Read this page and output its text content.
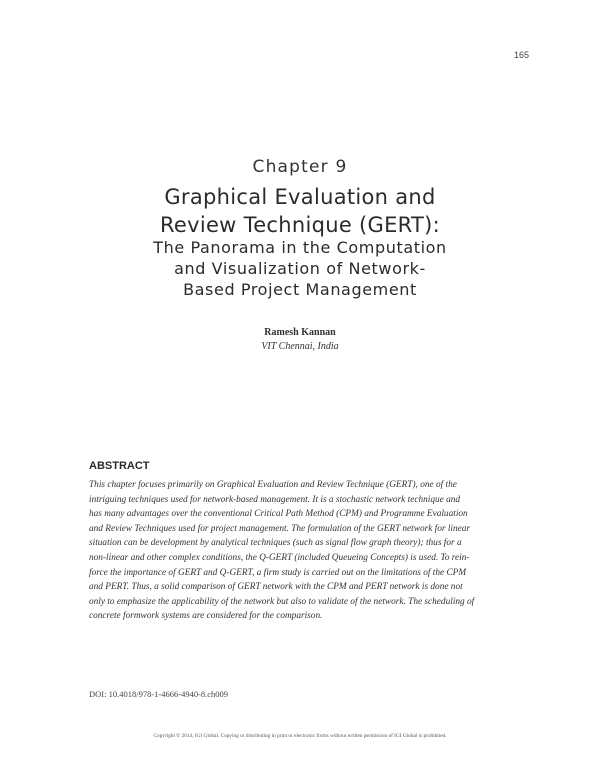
165
Chapter 9
Graphical Evaluation and
Review Technique (GERT):
The Panorama in the Computation
and Visualization of Network-
Based Project Management
Ramesh Kannan
VIT Chennai, India
ABSTRACT

This chapter focuses primarily on Graphical Evaluation and Review Technique (GERT), one of the
intriguing techniques used for network-based management. It is a stochastic network technique and
has many advantages over the conventional Critical Path Method (CPM) and Programme Evaluation
and Review Techniques used for project management. The formulation of the GERT network for linear
situation can be development by analytical techniques (such as signal flow graph theory); thus for a
non-linear and other complex conditions, the Q-GERT (included Queueing Concepts) is used. To rein-
force the importance of GERT and Q-GERT, a firm study is carried out on the limitations of the CPM
and PERT. Thus, a solid comparison of GERT network with the CPM and PERT network is done not
only to emphasize the applicability of the network but also to validate of the network. The scheduling of
concrete formwork systems are considered for the comparison.

DOI: 10.4018/978-1-4666-4940-8.ch009
Copyright © 2014, IGI Global. Copying or distributing in print or electronic forms without written permission of IGI Global is prohibited.
